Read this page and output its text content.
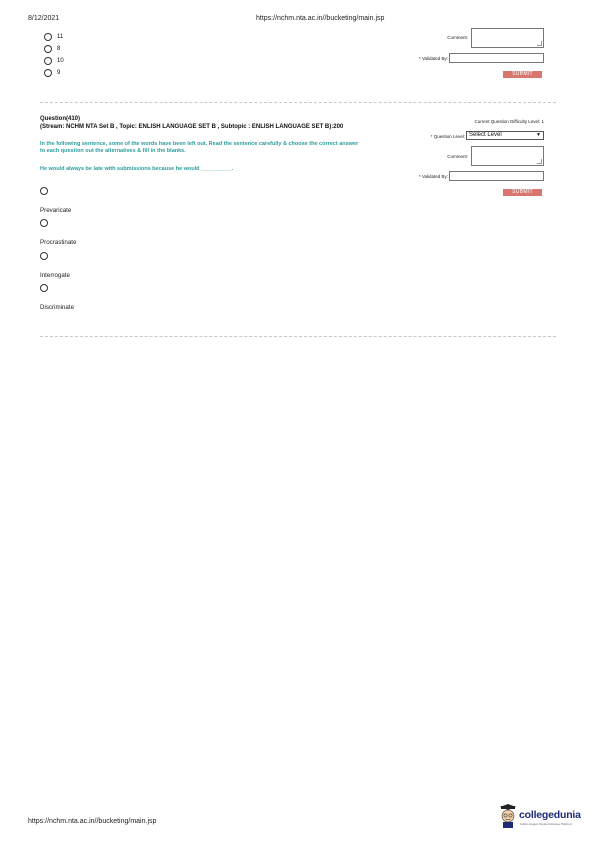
8/12/2021	https://nchm.nta.ac.in//bucketing/main.jsp
11
8
10
9
Comment:
* Validated By:
SUBMIT
Question(410)
(Stream: NCHM NTA Set B , Topic: ENLISH LANGUAGE SET B , Subtopic : ENLISH LANGUAGE SET B):200
In the following sentence, some of the words have been left out. Read the sentence carefully & choose the correct answer to each question out the alternatives & fill in the blanks.
He would always be late with submissions because he would __________.
Prevaricate
Procrastinate
Interrogate
Discriminate
Current Question Difficulty Level: 1
* Question Level: Select Level	▼
Comment:
* Validated By:
SUBMIT
https://nchm.nta.ac.in//bucketing/main.jsp
collegedunia
India's largest Student Review Platform
